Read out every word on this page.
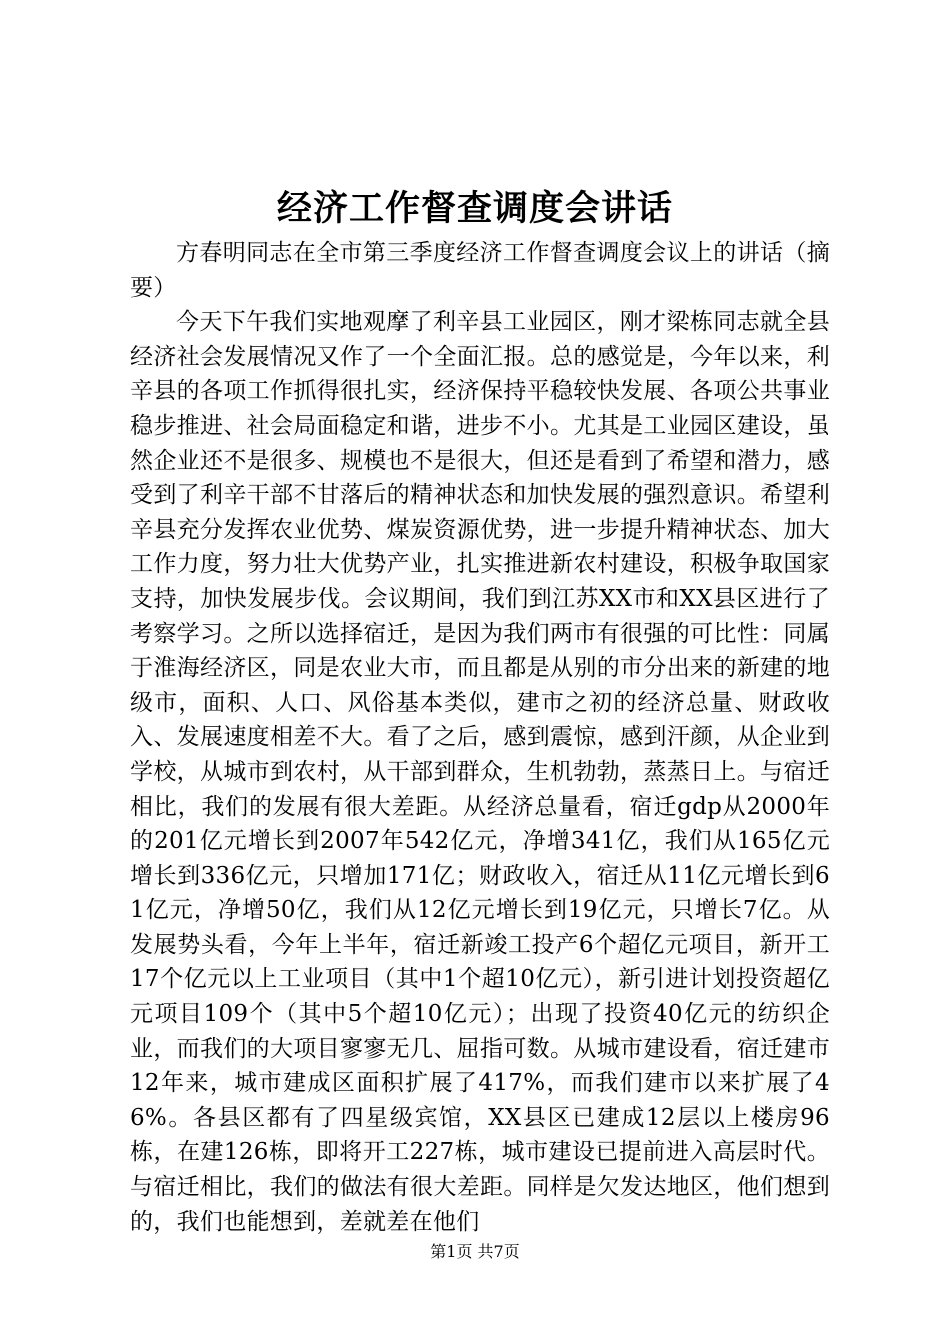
经济工作督查调度会讲话

方春明同志在全市第三季度经济工作督查调度会议上的讲话（摘要）

今天下午我们实地观摩了利辛县工业园区，刚才梁栋同志就全县经济社会发展情况又作了一个全面汇报。总的感觉是，今年以来，利辛县的各项工作抓得很扎实，经济保持平稳较快发展、各项公共事业稳步推进、社会局面稳定和谐，进步不小。尤其是工业园区建设，虽然企业还不是很多、规模也不是很大，但还是看到了希望和潜力，感受到了利辛干部不甘落后的精神状态和加快发展的强烈意识。希望利辛县充分发挥农业优势、煤炭资源优势，进一步提升精神状态、加大工作力度，努力壮大优势产业，扎实推进新农村建设，积极争取国家支持，加快发展步伐。会议期间，我们到江苏XX市和XX县区进行了考察学习。之所以选择宿迁，是因为我们两市有很强的可比性：同属于淮海经济区，同是农业大市，而且都是从别的市分出来的新建的地级市，面积、人口、风俗基本类似，建市之初的经济总量、财政收入、发展速度相差不大。看了之后，感到震惊，感到汗颜，从企业到学校，从城市到农村，从干部到群众，生机勃勃，蒸蒸日上。与宿迁相比，我们的发展有很大差距。从经济总量看，宿迁gdp从2000年的201亿元增长到2007年542亿元，净增341亿，我们从165亿元增长到336亿元，只增加171亿；财政收入，宿迁从11亿元增长到61亿元，净增50亿，我们从12亿元增长到19亿元，只增长7亿。从发展势头看，今年上半年，宿迁新竣工投产6个超亿元项目，新开工17个亿元以上工业项目（其中1个超10亿元），新引进计划投资超亿元项目109个（其中5个超10亿元）；出现了投资40亿元的纺织企业，而我们的大项目寥寥无几、屈指可数。从城市建设看，宿迁建市12年来，城市建成区面积扩展了417%，而我们建市以来扩展了46%。各县区都有了四星级宾馆，XX县区已建成12层以上楼房96栋，在建126栋，即将开工227栋，城市建设已提前进入高层时代。与宿迁相比，我们的做法有很大差距。同样是欠发达地区，他们想到的，我们也能想到，差就差在他们

第1页 共7页
